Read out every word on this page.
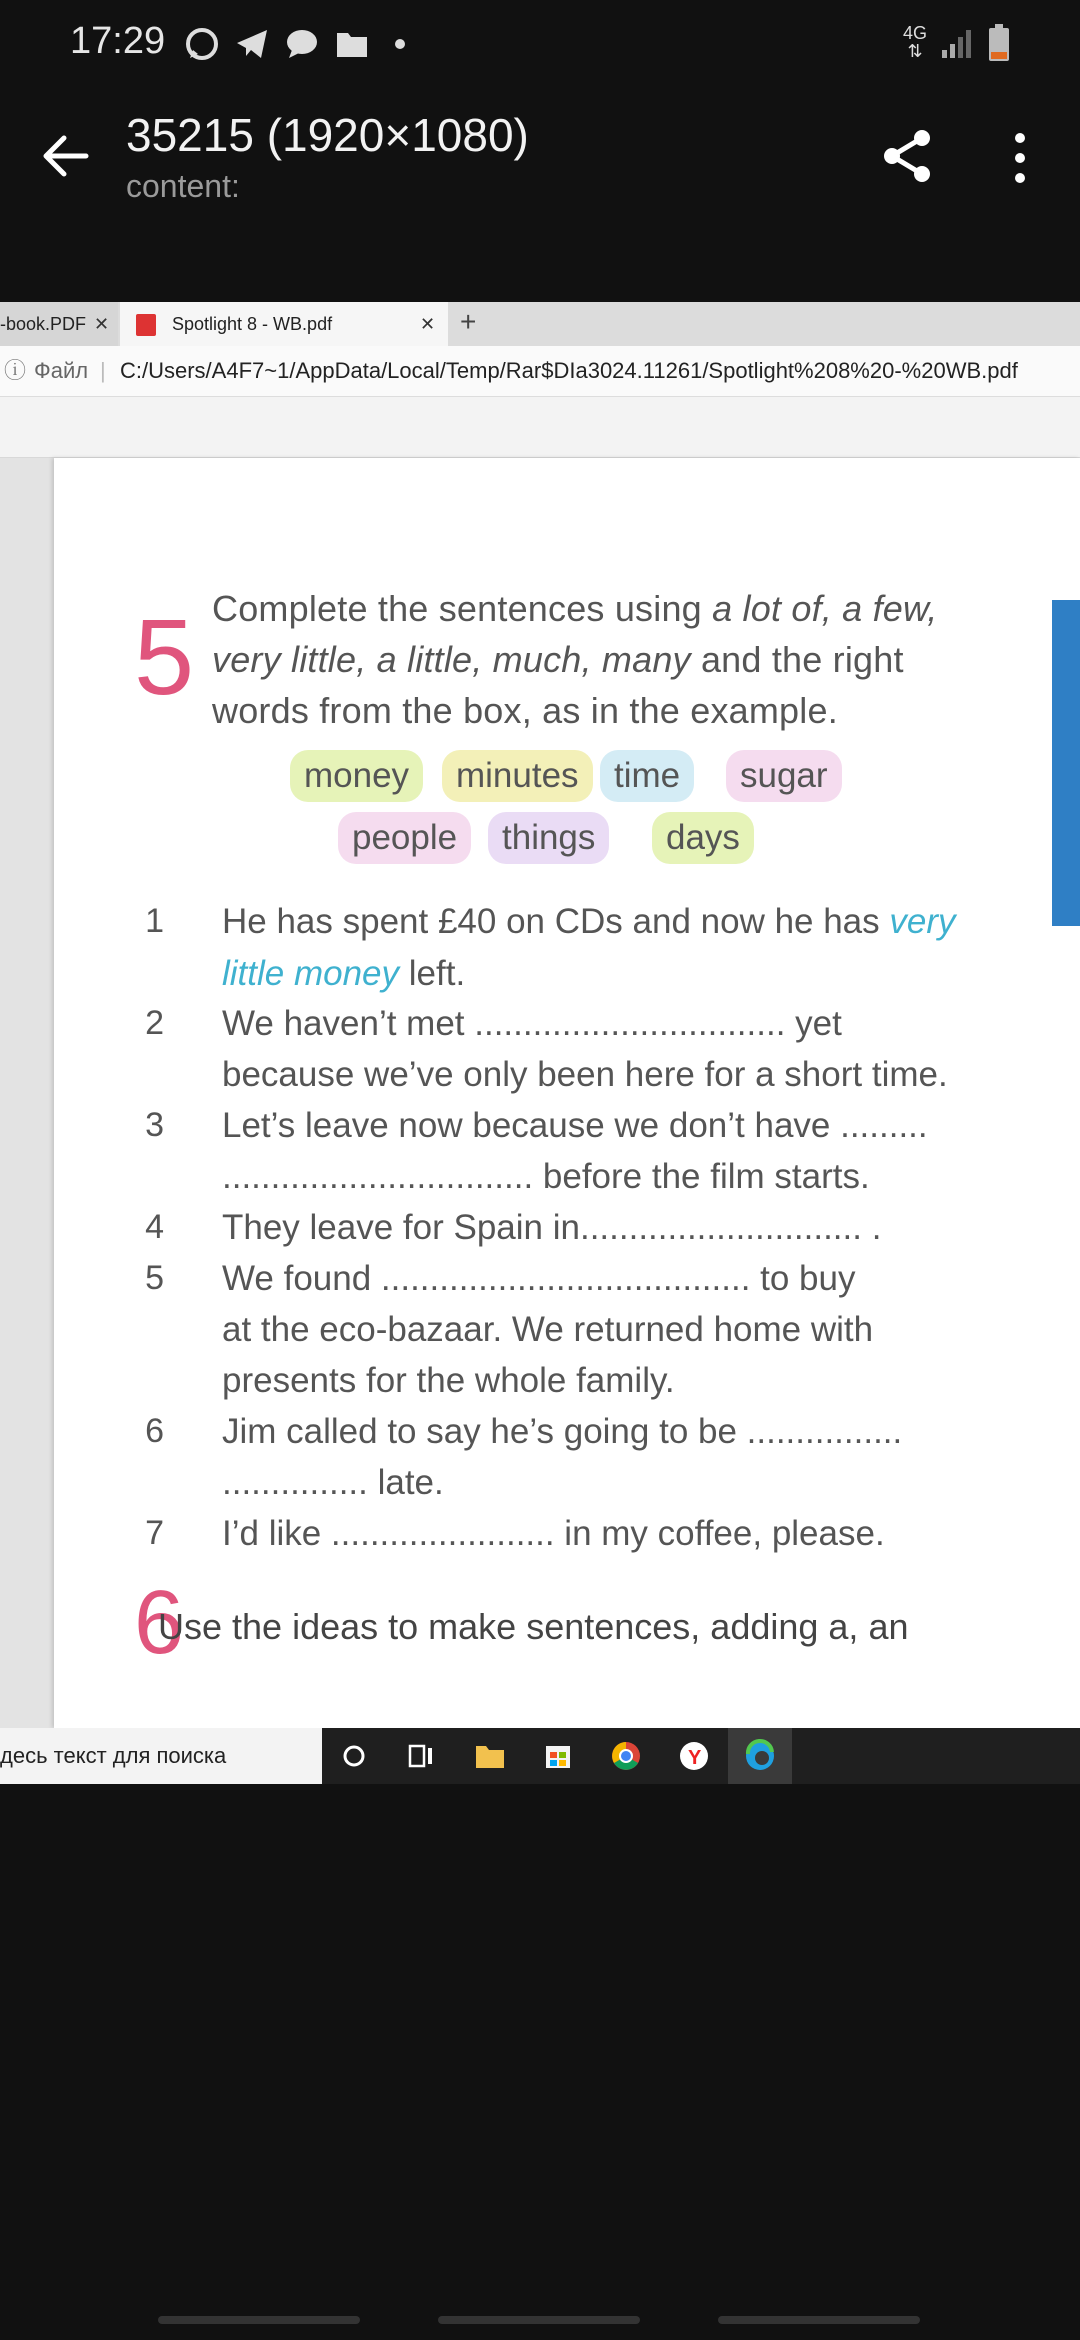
17:29	4G
⇅
35215 (1920×1080)
content:
-book.PDF ✕	Spotlight 8 - WB.pdf	✕ +
ⓘ Файл | C:/Users/A4F7~1/AppData/Local/Temp/Rar$DIa3024.11261/Spotlight%208%20-%20WB.pdf
5 Complete the sentences using a lot of, a few,
very little, a little, much, many and the right
words from the box, as in the example.
money	minutes	time	sugar
people	things	days
1 He has spent £40 on CDs and now he has very
little money left.
2 We haven’t met ................................ yet
because we’ve only been here for a short time.
3 Let’s leave now because we don’t have .........
................................ before the film starts.
4 They leave for Spain in............................. .
5 We found ...................................... to buy
at the eco-bazaar. We returned home with
presents for the whole family.
6 Jim called to say he’s going to be ................
............... late.
7 I’d like ....................... in my coffee, please.
6
Use the ideas to make sentences, adding a, an
десь текст для поиска	Y
